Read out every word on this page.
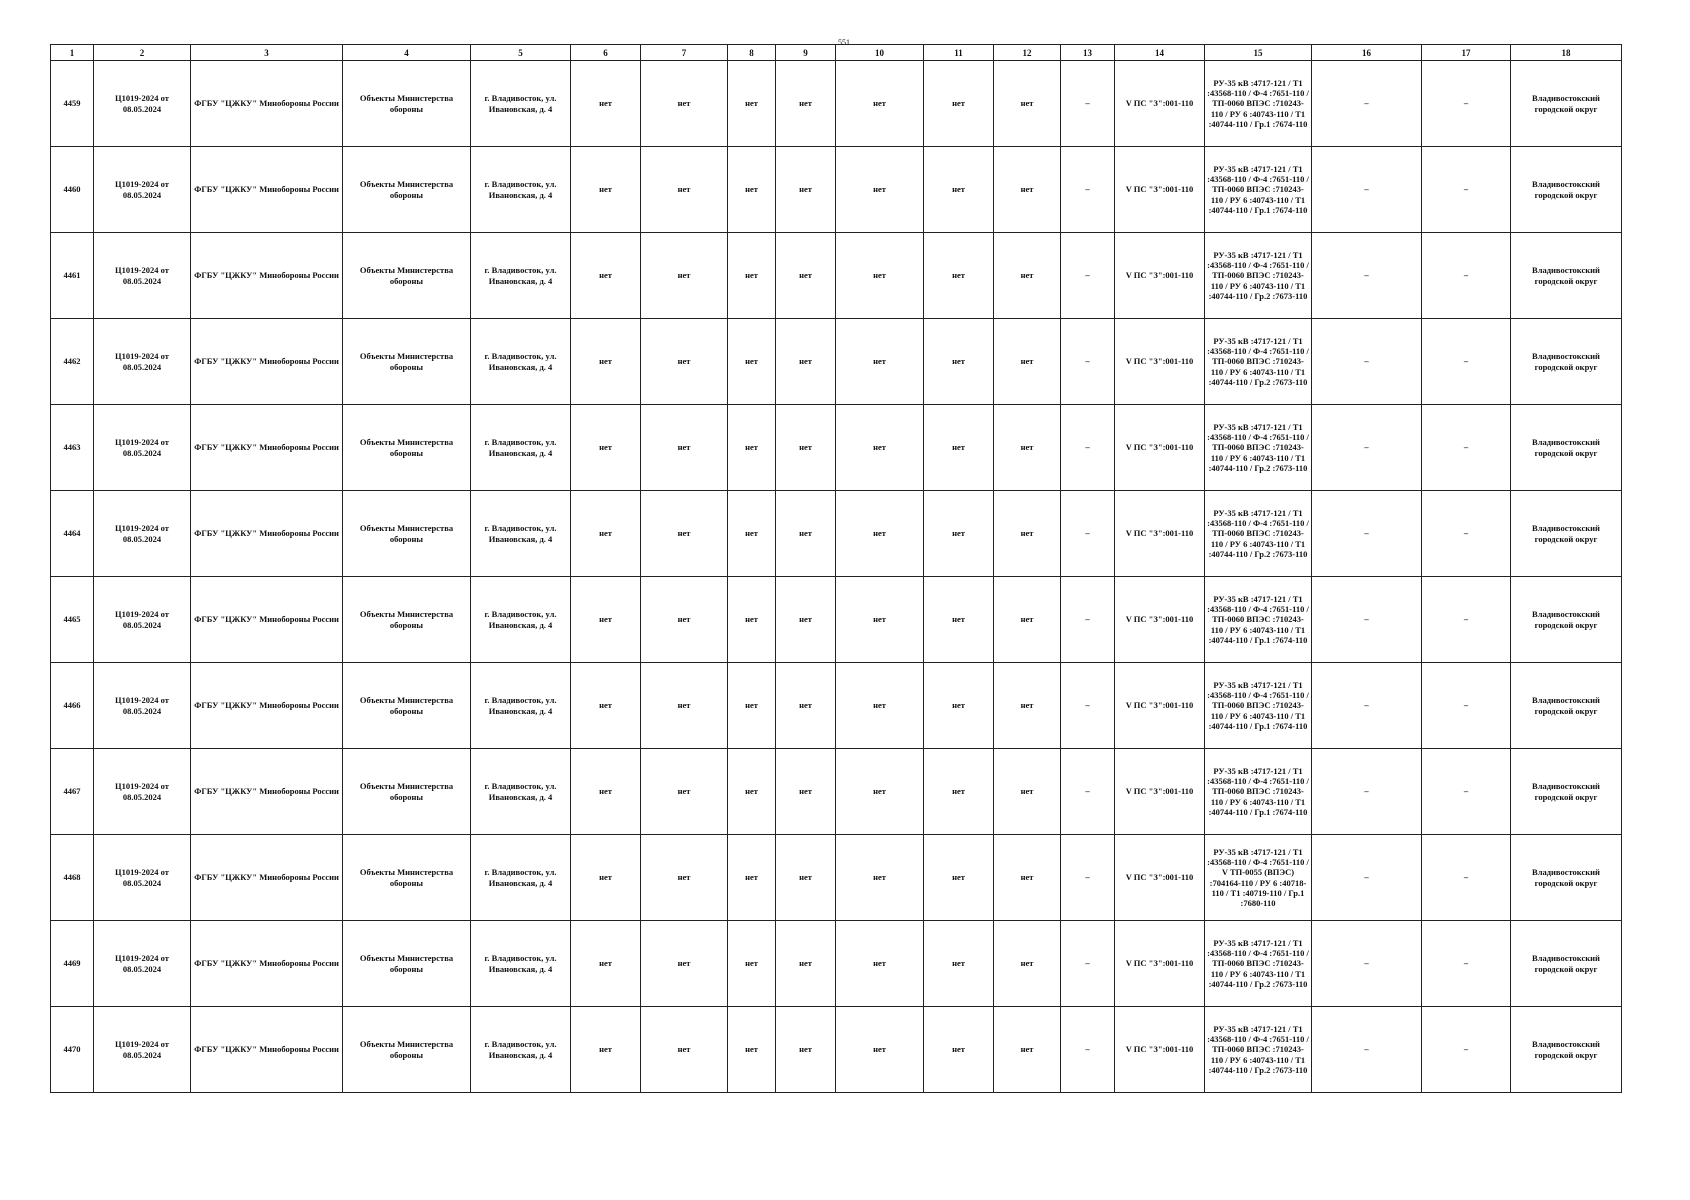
551
1	2	3	4	5	6	7	8	9	10	11	12	13	14	15	16	17	18
4459	Ц1019-2024 от 08.05.2024	ФГБУ "ЦЖКУ" Минобороны России	Объекты Министерства обороны	г. Владивосток, ул. Ивановская, д. 4	нет	нет	нет	нет	нет	нет	нет	–	V ПС "З":001-110	РУ-35 кВ :4717-121 / Т1 :43568-110 / Ф-4 :7651-110 / ТП-0060 ВПЭС :710243-110 / РУ 6 :40743-110 / Т1 :40744-110 / Гр.1 :7674-110	–	–	Владивостокский городской округ
4460	Ц1019-2024 от 08.05.2024	ФГБУ "ЦЖКУ" Минобороны России	Объекты Министерства обороны	г. Владивосток, ул. Ивановская, д. 4	нет	нет	нет	нет	нет	нет	нет	–	V ПС "З":001-110	РУ-35 кВ :4717-121 / Т1 :43568-110 / Ф-4 :7651-110 / ТП-0060 ВПЭС :710243-110 / РУ 6 :40743-110 / Т1 :40744-110 / Гр.1 :7674-110	–	–	Владивостокский городской округ
4461	Ц1019-2024 от 08.05.2024	ФГБУ "ЦЖКУ" Минобороны России	Объекты Министерства обороны	г. Владивосток, ул. Ивановская, д. 4	нет	нет	нет	нет	нет	нет	нет	–	V ПС "З":001-110	РУ-35 кВ :4717-121 / Т1 :43568-110 / Ф-4 :7651-110 / ТП-0060 ВПЭС :710243-110 / РУ 6 :40743-110 / Т1 :40744-110 / Гр.2 :7673-110	–	–	Владивостокский городской округ
4462	Ц1019-2024 от 08.05.2024	ФГБУ "ЦЖКУ" Минобороны России	Объекты Министерства обороны	г. Владивосток, ул. Ивановская, д. 4	нет	нет	нет	нет	нет	нет	нет	–	V ПС "З":001-110	РУ-35 кВ :4717-121 / Т1 :43568-110 / Ф-4 :7651-110 / ТП-0060 ВПЭС :710243-110 / РУ 6 :40743-110 / Т1 :40744-110 / Гр.2 :7673-110	–	–	Владивостокский городской округ
4463	Ц1019-2024 от 08.05.2024	ФГБУ "ЦЖКУ" Минобороны России	Объекты Министерства обороны	г. Владивосток, ул. Ивановская, д. 4	нет	нет	нет	нет	нет	нет	нет	–	V ПС "З":001-110	РУ-35 кВ :4717-121 / Т1 :43568-110 / Ф-4 :7651-110 / ТП-0060 ВПЭС :710243-110 / РУ 6 :40743-110 / Т1 :40744-110 / Гр.2 :7673-110	–	–	Владивостокский городской округ
4464	Ц1019-2024 от 08.05.2024	ФГБУ "ЦЖКУ" Минобороны России	Объекты Министерства обороны	г. Владивосток, ул. Ивановская, д. 4	нет	нет	нет	нет	нет	нет	нет	–	V ПС "З":001-110	РУ-35 кВ :4717-121 / Т1 :43568-110 / Ф-4 :7651-110 / ТП-0060 ВПЭС :710243-110 / РУ 6 :40743-110 / Т1 :40744-110 / Гр.2 :7673-110	–	–	Владивостокский городской округ
4465	Ц1019-2024 от 08.05.2024	ФГБУ "ЦЖКУ" Минобороны России	Объекты Министерства обороны	г. Владивосток, ул. Ивановская, д. 4	нет	нет	нет	нет	нет	нет	нет	–	V ПС "З":001-110	РУ-35 кВ :4717-121 / Т1 :43568-110 / Ф-4 :7651-110 / ТП-0060 ВПЭС :710243-110 / РУ 6 :40743-110 / Т1 :40744-110 / Гр.1 :7674-110	–	–	Владивостокский городской округ
4466	Ц1019-2024 от 08.05.2024	ФГБУ "ЦЖКУ" Минобороны России	Объекты Министерства обороны	г. Владивосток, ул. Ивановская, д. 4	нет	нет	нет	нет	нет	нет	нет	–	V ПС "З":001-110	РУ-35 кВ :4717-121 / Т1 :43568-110 / Ф-4 :7651-110 / ТП-0060 ВПЭС :710243-110 / РУ 6 :40743-110 / Т1 :40744-110 / Гр.1 :7674-110	–	–	Владивостокский городской округ
4467	Ц1019-2024 от 08.05.2024	ФГБУ "ЦЖКУ" Минобороны России	Объекты Министерства обороны	г. Владивосток, ул. Ивановская, д. 4	нет	нет	нет	нет	нет	нет	нет	–	V ПС "З":001-110	РУ-35 кВ :4717-121 / Т1 :43568-110 / Ф-4 :7651-110 / ТП-0060 ВПЭС :710243-110 / РУ 6 :40743-110 / Т1 :40744-110 / Гр.1 :7674-110	–	–	Владивостокский городской округ
4468	Ц1019-2024 от 08.05.2024	ФГБУ "ЦЖКУ" Минобороны России	Объекты Министерства обороны	г. Владивосток, ул. Ивановская, д. 4	нет	нет	нет	нет	нет	нет	нет	–	V ПС "З":001-110	РУ-35 кВ :4717-121 / Т1 :43568-110 / Ф-4 :7651-110 / V ТП-0055 (ВПЭС) :704164-110 / РУ 6 :40718-110 / Т1 :40719-110 / Гр.1 :7680-110	–	–	Владивостокский городской округ
4469	Ц1019-2024 от 08.05.2024	ФГБУ "ЦЖКУ" Минобороны России	Объекты Министерства обороны	г. Владивосток, ул. Ивановская, д. 4	нет	нет	нет	нет	нет	нет	нет	–	V ПС "З":001-110	РУ-35 кВ :4717-121 / Т1 :43568-110 / Ф-4 :7651-110 / ТП-0060 ВПЭС :710243-110 / РУ 6 :40743-110 / Т1 :40744-110 / Гр.2 :7673-110	–	–	Владивостокский городской округ
4470	Ц1019-2024 от 08.05.2024	ФГБУ "ЦЖКУ" Минобороны России	Объекты Министерства обороны	г. Владивосток, ул. Ивановская, д. 4	нет	нет	нет	нет	нет	нет	нет	–	V ПС "З":001-110	РУ-35 кВ :4717-121 / Т1 :43568-110 / Ф-4 :7651-110 / ТП-0060 ВПЭС :710243-110 / РУ 6 :40743-110 / Т1 :40744-110 / Гр.2 :7673-110	–	–	Владивостокский городской округ
